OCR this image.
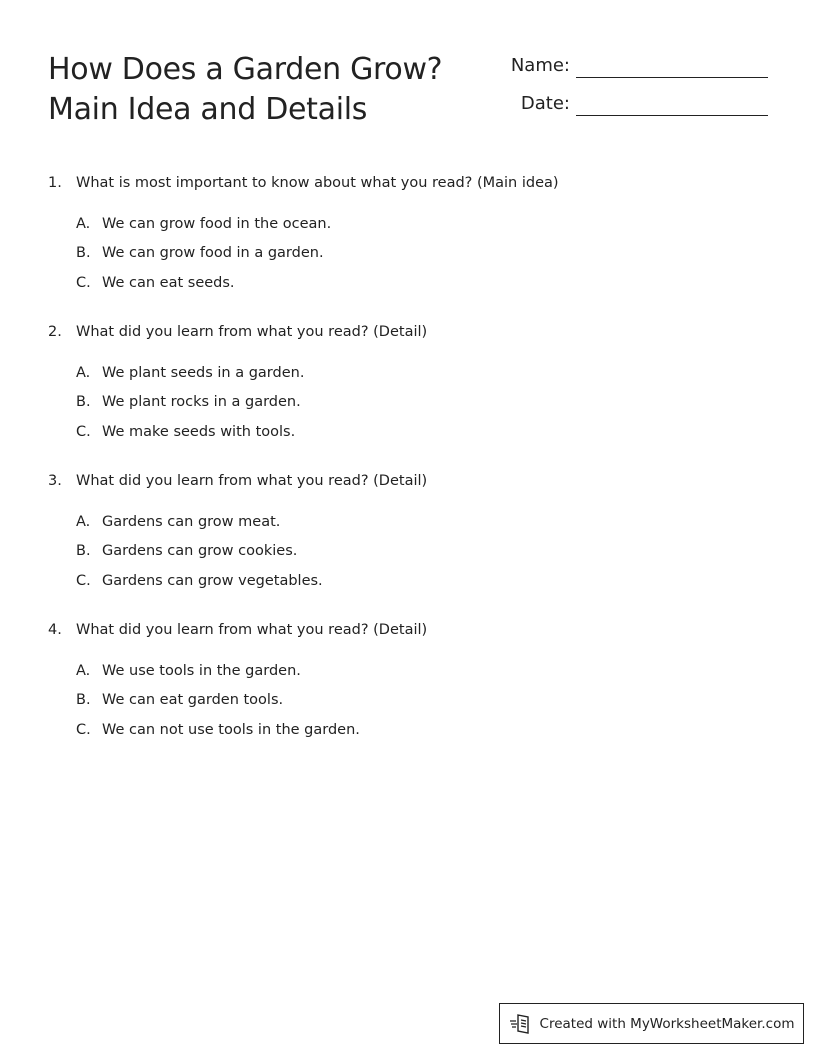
How Does a Garden Grow?
Main Idea and Details
Name:
Date:
1. What is most important to know about what you read? (Main idea)
A. We can grow food in the ocean.
B. We can grow food in a garden.
C. We can eat seeds.
2. What did you learn from what you read? (Detail)
A. We plant seeds in a garden.
B. We plant rocks in a garden.
C. We make seeds with tools.
3. What did you learn from what you read? (Detail)
A. Gardens can grow meat.
B. Gardens can grow cookies.
C. Gardens can grow vegetables.
4. What did you learn from what you read? (Detail)
A. We use tools in the garden.
B. We can eat garden tools.
C. We can not use tools in the garden.
Created with MyWorksheetMaker.com
